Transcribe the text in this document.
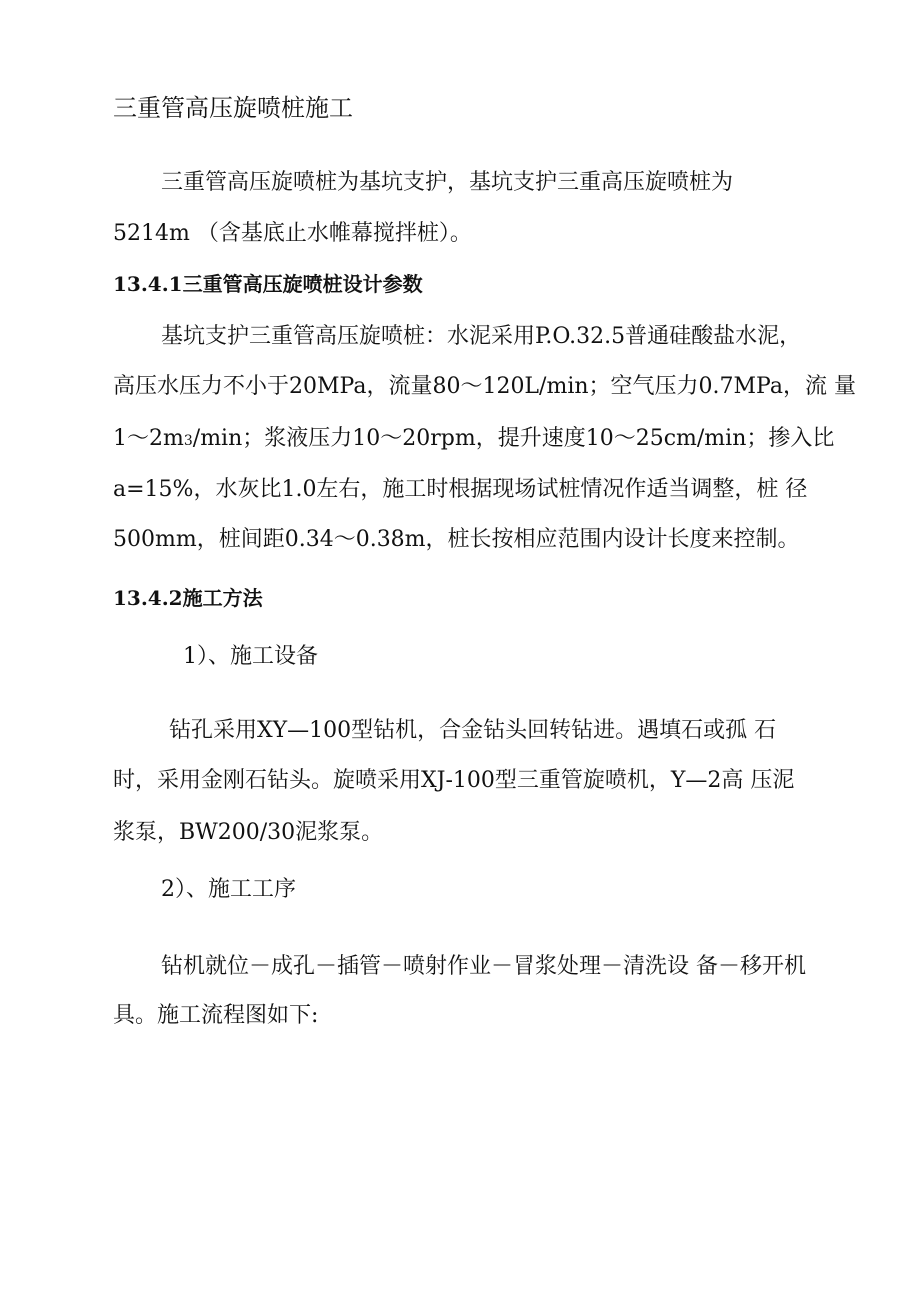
三重管高压旋喷桩施工
三重管高压旋喷桩为基坑支护，基坑支护三重高压旋喷桩为
5214m （含基底止水帷幕搅拌桩）。
13.4.1三重管高压旋喷桩设计参数
基坑支护三重管高压旋喷桩：水泥采用P.O.32.5普通硅酸盐水泥，
高压水压力不小于20MPa，流量80〜120L/min；空气压力0.7MPa，流 量
1〜2m3/min；浆液压力10〜20rpm，提升速度10〜25cm/min；掺入比
a=15%，水灰比1.0左右，施工时根据现场试桩情况作适当调整，桩 径
500mm，桩间距0.34〜0.38m，桩长按相应范围内设计长度来控制。
13.4.2施工方法
1）、施工设备
钻孔采用XY—100型钻机，合金钻头回转钻进。遇填石或孤 石
时，采用金刚石钻头。旋喷采用XJ-100型三重管旋喷机，Y—2高 压泥
浆泵，BW200/30泥浆泵。
2）、施工工序
钻机就位－成孔－插管－喷射作业－冒浆处理－清洗设 备－移开机
具。施工流程图如下:
